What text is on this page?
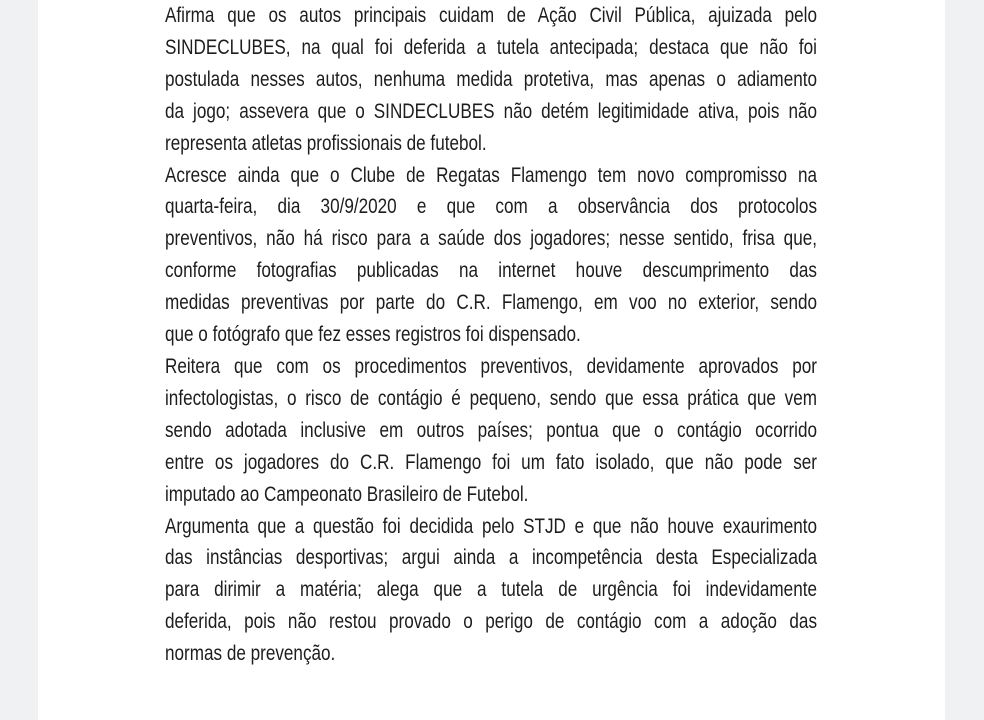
Afirma que os autos principais cuidam de Ação Civil Pública, ajuizada pelo
SINDECLUBES, na qual foi deferida a tutela antecipada; destaca que não foi
postulada nesses autos, nenhuma medida protetiva, mas apenas o adiamento
da jogo; assevera que o SINDECLUBES não detém legitimidade ativa, pois não
representa atletas profissionais de futebol.
Acresce ainda que o Clube de Regatas Flamengo tem novo compromisso na
quarta-feira, dia 30/9/2020 e que com a observância dos protocolos
preventivos, não há risco para a saúde dos jogadores; nesse sentido, frisa que,
conforme fotografias publicadas na internet houve descumprimento das
medidas preventivas por parte do C.R. Flamengo, em voo no exterior, sendo
que o fotógrafo que fez esses registros foi dispensado.
Reitera que com os procedimentos preventivos, devidamente aprovados por
infectologistas, o risco de contágio é pequeno, sendo que essa prática que vem
sendo adotada inclusive em outros países; pontua que o contágio ocorrido
entre os jogadores do C.R. Flamengo foi um fato isolado, que não pode ser
imputado ao Campeonato Brasileiro de Futebol.
Argumenta que a questão foi decidida pelo STJD e que não houve exaurimento
das instâncias desportivas; argui ainda a incompetência desta Especializada
para dirimir a matéria; alega que a tutela de urgência foi indevidamente
deferida, pois não restou provado o perigo de contágio com a adoção das
normas de prevenção.
